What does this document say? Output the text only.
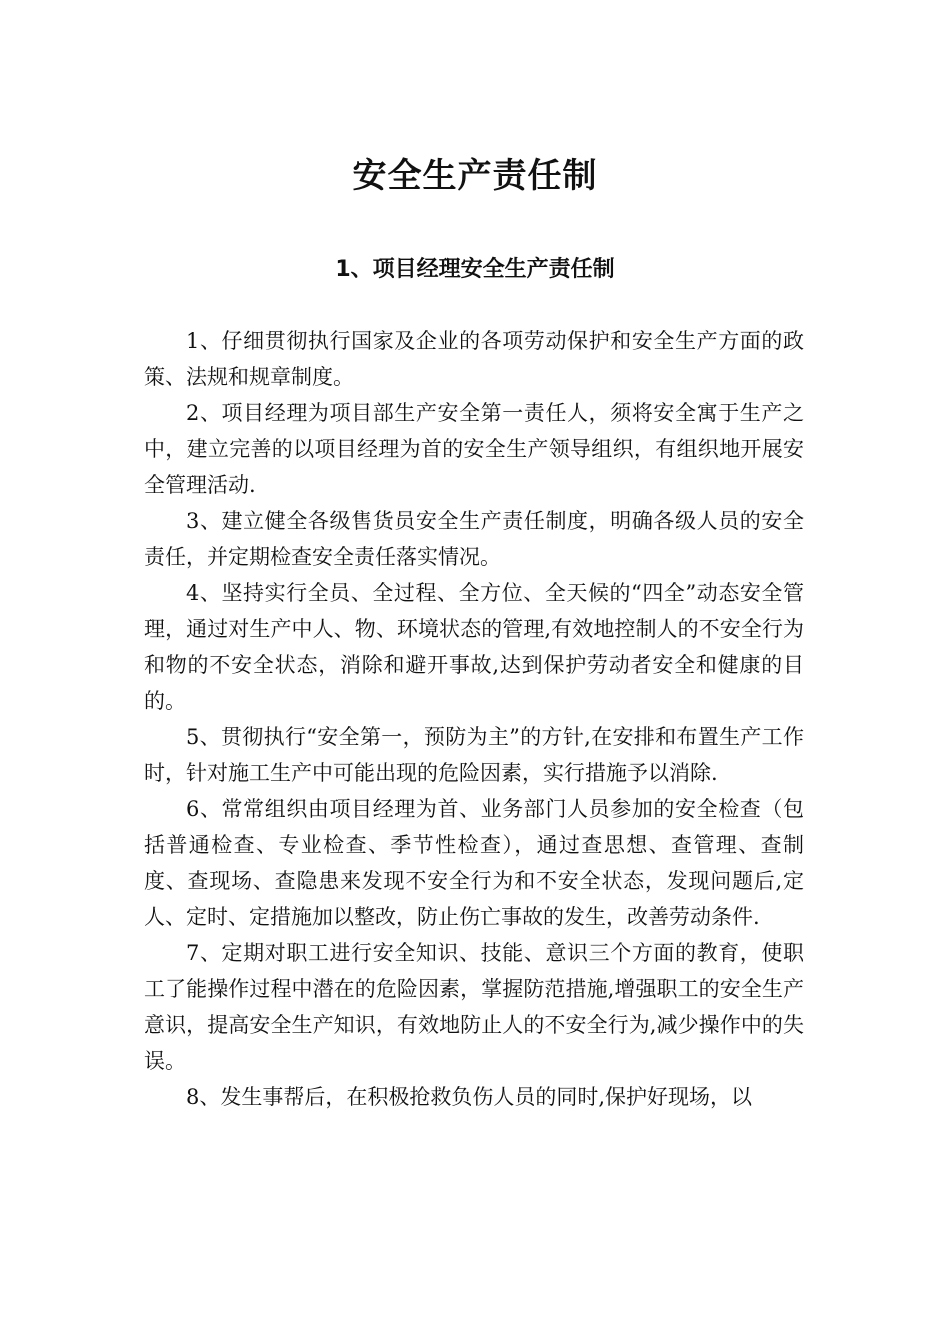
安全生产责任制
1、项目经理安全生产责任制

1、仔细贯彻执行国家及企业的各项劳动保护和安全生产方面的政策、法规和规章制度。

2、项目经理为项目部生产安全第一责任人，须将安全寓于生产之中，建立完善的以项目经理为首的安全生产领导组织，有组织地开展安全管理活动.

3、建立健全各级售货员安全生产责任制度，明确各级人员的安全责任，并定期检查安全责任落实情况。

4、坚持实行全员、全过程、全方位、全天候的“四全”动态安全管理，通过对生产中人、物、环境状态的管理,有效地控制人的不安全行为和物的不安全状态，消除和避开事故,达到保护劳动者安全和健康的目的。

5、贯彻执行“安全第一，预防为主”的方针,在安排和布置生产工作时，针对施工生产中可能出现的危险因素，实行措施予以消除.

6、常常组织由项目经理为首、业务部门人员参加的安全检查（包括普通检查、专业检查、季节性检查），通过查思想、查管理、查制度、查现场、查隐患来发现不安全行为和不安全状态，发现问题后,定人、定时、定措施加以整改，防止伤亡事故的发生，改善劳动条件.

7、定期对职工进行安全知识、技能、意识三个方面的教育，使职工了能操作过程中潜在的危险因素，掌握防范措施,增强职工的安全生产意识，提高安全生产知识，有效地防止人的不安全行为,减少操作中的失误。

8、发生事帮后，在积极抢救负伤人员的同时,保护好现场，以
